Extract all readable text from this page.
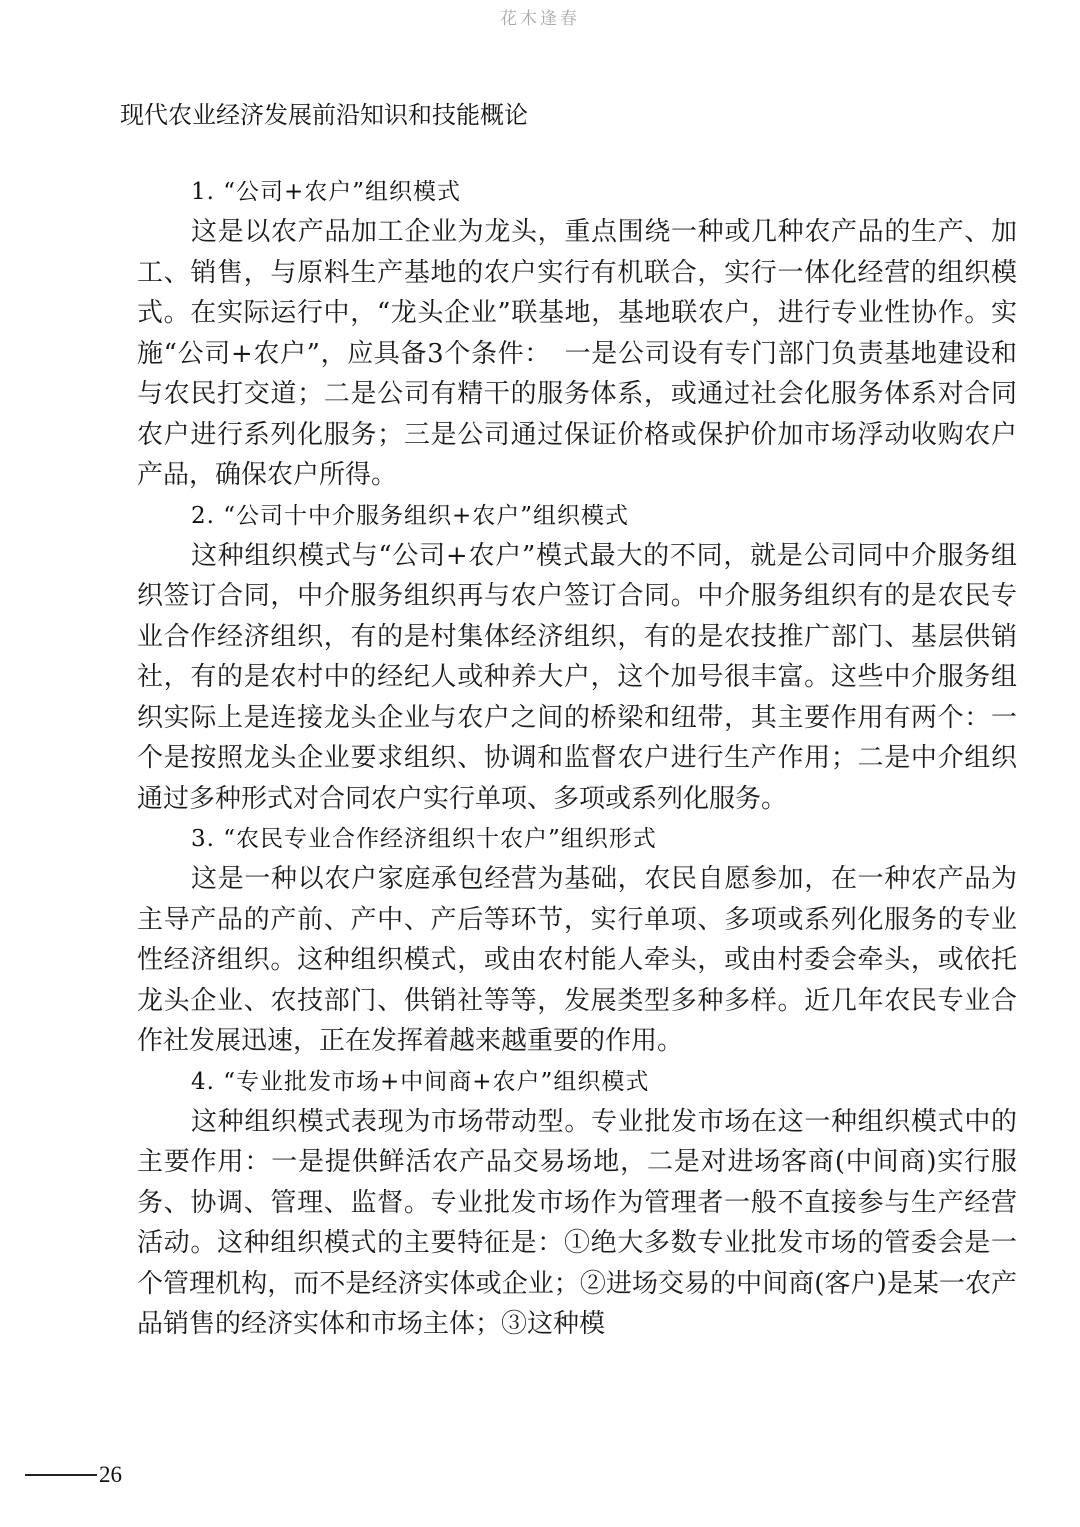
花木逢春
现代农业经济发展前沿知识和技能概论

1. “公司+农户”组织模式

这是以农产品加工企业为龙头，重点围绕一种或几种农产品的生产、加工、销售，与原料生产基地的农户实行有机联合，实行一体化经营的组织模式。在实际运行中，“龙头企业”联基地，基地联农户，进行专业性协作。实施“公司+农户”，应具备3个条件：　一是公司设有专门部门负责基地建设和与农民打交道；二是公司有精干的服务体系，或通过社会化服务体系对合同农户进行系列化服务；三是公司通过保证价格或保护价加市场浮动收购农户产品，确保农户所得。

2. “公司十中介服务组织+农户”组织模式

这种组织模式与“公司+农户”模式最大的不同，就是公司同中介服务组织签订合同，中介服务组织再与农户签订合同。中介服务组织有的是农民专业合作经济组织，有的是村集体经济组织，有的是农技推广部门、基层供销社，有的是农村中的经纪人或种养大户，这个加号很丰富。这些中介服务组织实际上是连接龙头企业与农户之间的桥梁和纽带，其主要作用有两个：一个是按照龙头企业要求组织、协调和监督农户进行生产作用；二是中介组织通过多种形式对合同农户实行单项、多项或系列化服务。

3. “农民专业合作经济组织十农户”组织形式

这是一种以农户家庭承包经营为基础，农民自愿参加，在一种农产品为主导产品的产前、产中、产后等环节，实行单项、多项或系列化服务的专业性经济组织。这种组织模式，或由农村能人牵头，或由村委会牵头，或依托龙头企业、农技部门、供销社等等，发展类型多种多样。近几年农民专业合作社发展迅速，正在发挥着越来越重要的作用。

4. “专业批发市场+中间商+农户”组织模式

这种组织模式表现为市场带动型。专业批发市场在这一种组织模式中的主要作用：一是提供鲜活农产品交易场地，二是对进场客商(中间商)实行服务、协调、管理、监督。专业批发市场作为管理者一般不直接参与生产经营活动。这种组织模式的主要特征是：①绝大多数专业批发市场的管委会是一个管理机构，而不是经济实体或企业；②进场交易的中间商(客户)是某一农产品销售的经济实体和市场主体；③这种模

26
